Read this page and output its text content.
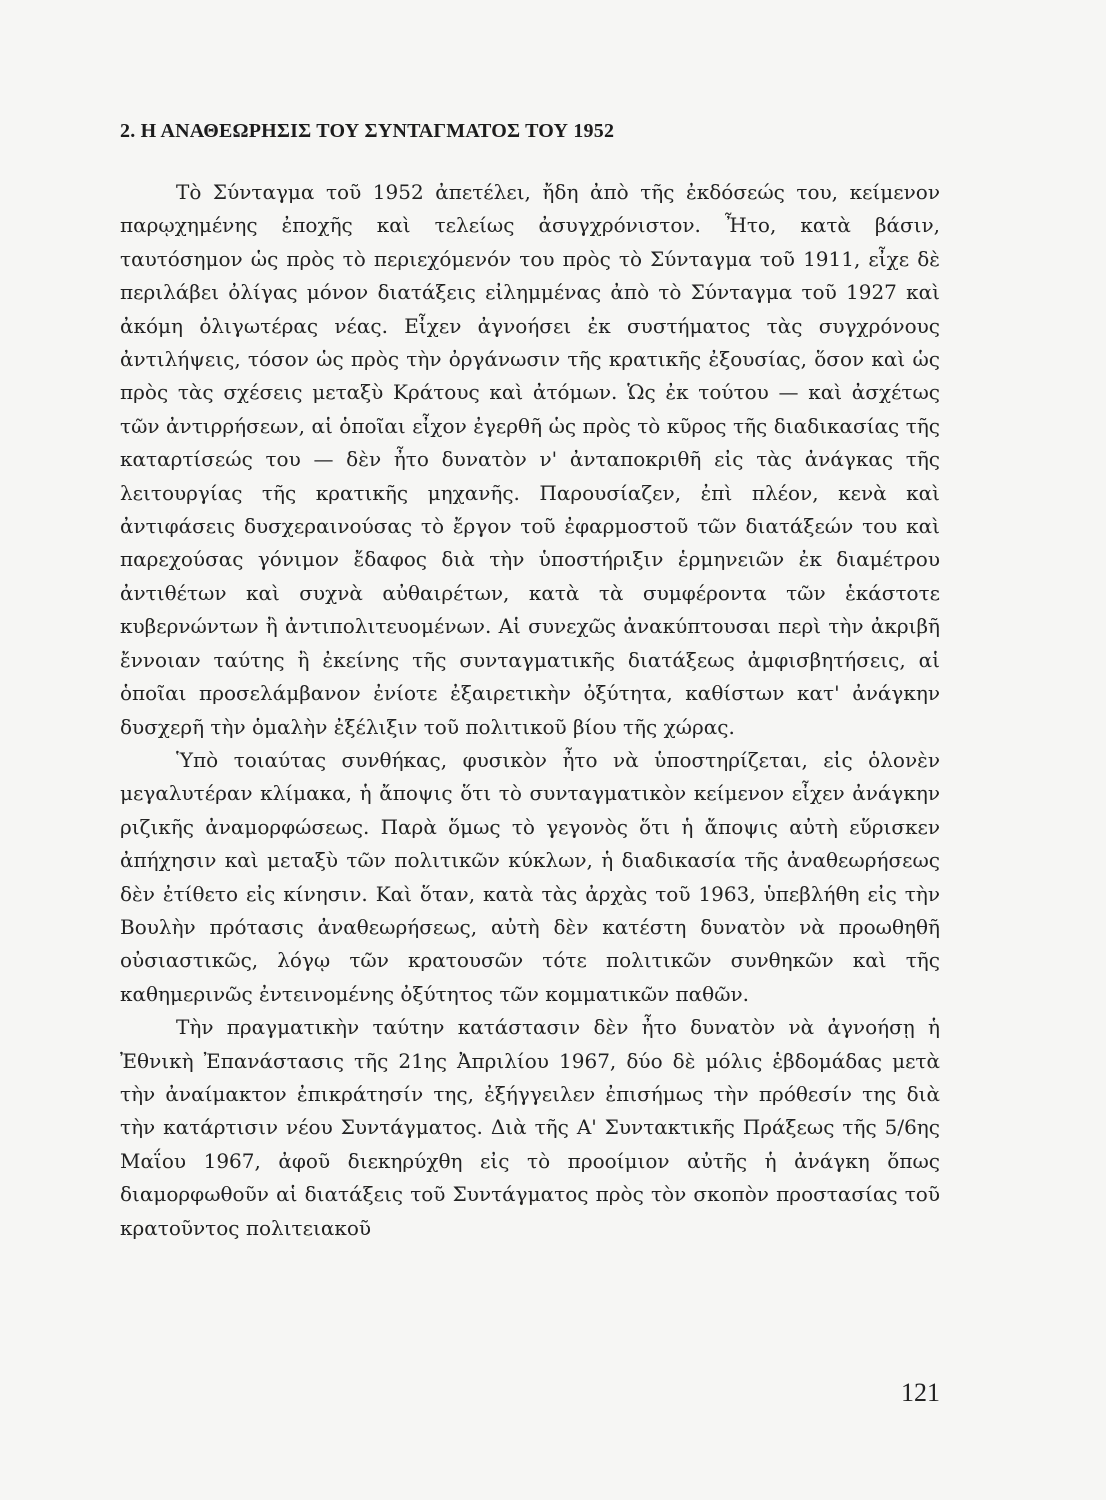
2. Η ΑΝΑΘΕΩΡΗΣΙΣ ΤΟΥ ΣΥΝΤΑΓΜΑΤΟΣ ΤΟΥ 1952

Τὸ Σύνταγμα τοῦ 1952 ἀπετέλει, ἤδη ἀπὸ τῆς ἐκδόσεώς του, κείμενον παρῳχημένης ἐποχῆς καὶ τελείως ἀσυγχρόνιστον. Ἦτο, κατὰ βάσιν, ταυτόσημον ὡς πρὸς τὸ περιεχόμενόν του πρὸς τὸ Σύνταγμα τοῦ 1911, εἶχε δὲ περιλάβει ὀλίγας μόνον διατάξεις εἰλημμένας ἀπὸ τὸ Σύνταγμα τοῦ 1927 καὶ ἀκόμη ὀλιγωτέρας νέας. Εἶχεν ἀγνοήσει ἐκ συστήματος τὰς συγχρόνους ἀντιλήψεις, τόσον ὡς πρὸς τὴν ὀργάνωσιν τῆς κρατικῆς ἐξουσίας, ὅσον καὶ ὡς πρὸς τὰς σχέσεις μεταξὺ Κράτους καὶ ἀτόμων. Ὡς ἐκ τούτου — καὶ ἀσχέτως τῶν ἀντιρρήσεων, αἱ ὁποῖαι εἶχον ἐγερθῆ ὡς πρὸς τὸ κῦρος τῆς διαδικασίας τῆς καταρτίσεώς του — δὲν ἦτο δυνατὸν ν' ἀνταποκριθῆ εἰς τὰς ἀνάγκας τῆς λειτουργίας τῆς κρατικῆς μηχανῆς. Παρουσίαζεν, ἐπὶ πλέον, κενὰ καὶ ἀντιφάσεις δυσχεραινούσας τὸ ἔργον τοῦ ἐφαρμοστοῦ τῶν διατάξεών του καὶ παρεχούσας γόνιμον ἔδαφος διὰ τὴν ὑποστήριξιν ἑρμηνειῶν ἐκ διαμέτρου ἀντιθέτων καὶ συχνὰ αὐθαιρέτων, κατὰ τὰ συμφέροντα τῶν ἑκάστοτε κυβερνώντων ἢ ἀντιπολιτευομένων. Αἱ συνεχῶς ἀνακύπτουσαι περὶ τὴν ἀκριβῆ ἔννοιαν ταύτης ἢ ἐκείνης τῆς συνταγματικῆς διατάξεως ἀμφισβητήσεις, αἱ ὁποῖαι προσελάμβανον ἐνίοτε ἐξαιρετικὴν ὀξύτητα, καθίστων κατ' ἀνάγκην δυσχερῆ τὴν ὁμαλὴν ἐξέλιξιν τοῦ πολιτικοῦ βίου τῆς χώρας.

Ὑπὸ τοιαύτας συνθήκας, φυσικὸν ἦτο νὰ ὑποστηρίζεται, εἰς ὁλονὲν μεγαλυτέραν κλίμακα, ἡ ἄποψις ὅτι τὸ συνταγματικὸν κείμενον εἶχεν ἀνάγκην ριζικῆς ἀναμορφώσεως. Παρὰ ὅμως τὸ γεγονὸς ὅτι ἡ ἄποψις αὐτὴ εὕρισκεν ἀπήχησιν καὶ μεταξὺ τῶν πολιτικῶν κύκλων, ἡ διαδικασία τῆς ἀναθεωρήσεως δὲν ἐτίθετο εἰς κίνησιν. Καὶ ὅταν, κατὰ τὰς ἀρχὰς τοῦ 1963, ὑπεβλήθη εἰς τὴν Βουλὴν πρότασις ἀναθεωρήσεως, αὐτὴ δὲν κατέστη δυνατὸν νὰ προωθηθῆ οὐσιαστικῶς, λόγῳ τῶν κρατουσῶν τότε πολιτικῶν συνθηκῶν καὶ τῆς καθημερινῶς ἐντεινομένης ὀξύτητος τῶν κομματικῶν παθῶν.

Τὴν πραγματικὴν ταύτην κατάστασιν δὲν ἦτο δυνατὸν νὰ ἀγνοήσῃ ἡ Ἐθνικὴ Ἐπανάστασις τῆς 21ης Ἀπριλίου 1967, δύο δὲ μόλις ἑβδομάδας μετὰ τὴν ἀναίμακτον ἐπικράτησίν της, ἐξήγγειλεν ἐπισήμως τὴν πρόθεσίν της διὰ τὴν κατάρτισιν νέου Συντάγματος. Διὰ τῆς Α' Συντακτικῆς Πράξεως τῆς 5/6ης Μαΐου 1967, ἀφοῦ διεκηρύχθη εἰς τὸ προοίμιον αὐτῆς ἡ ἀνάγκη ὅπως διαμορφωθοῦν αἱ διατάξεις τοῦ Συντάγματος πρὸς τὸν σκοπὸν προστασίας τοῦ κρατοῦντος πολιτειακοῦ

121
